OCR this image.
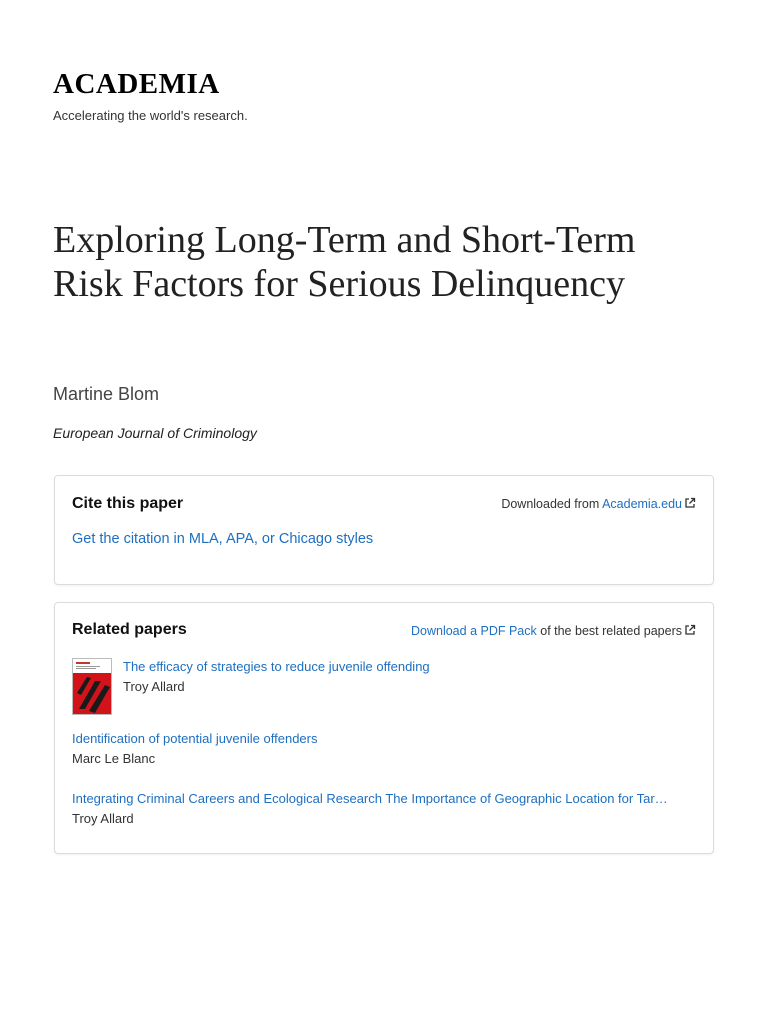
ACADEMIA
Accelerating the world's research.
Exploring Long-Term and Short-Term Risk Factors for Serious Delinquency
Martine Blom
European Journal of Criminology
Cite this paper	Downloaded from Academia.edu
Get the citation in MLA, APA, or Chicago styles
Related papers	Download a PDF Pack of the best related papers
The efficacy of strategies to reduce juvenile offending
Troy Allard
Identification of potential juvenile offenders
Marc Le Blanc
Integrating Criminal Careers and Ecological Research The Importance of Geographic Location for Tar…
Troy Allard
